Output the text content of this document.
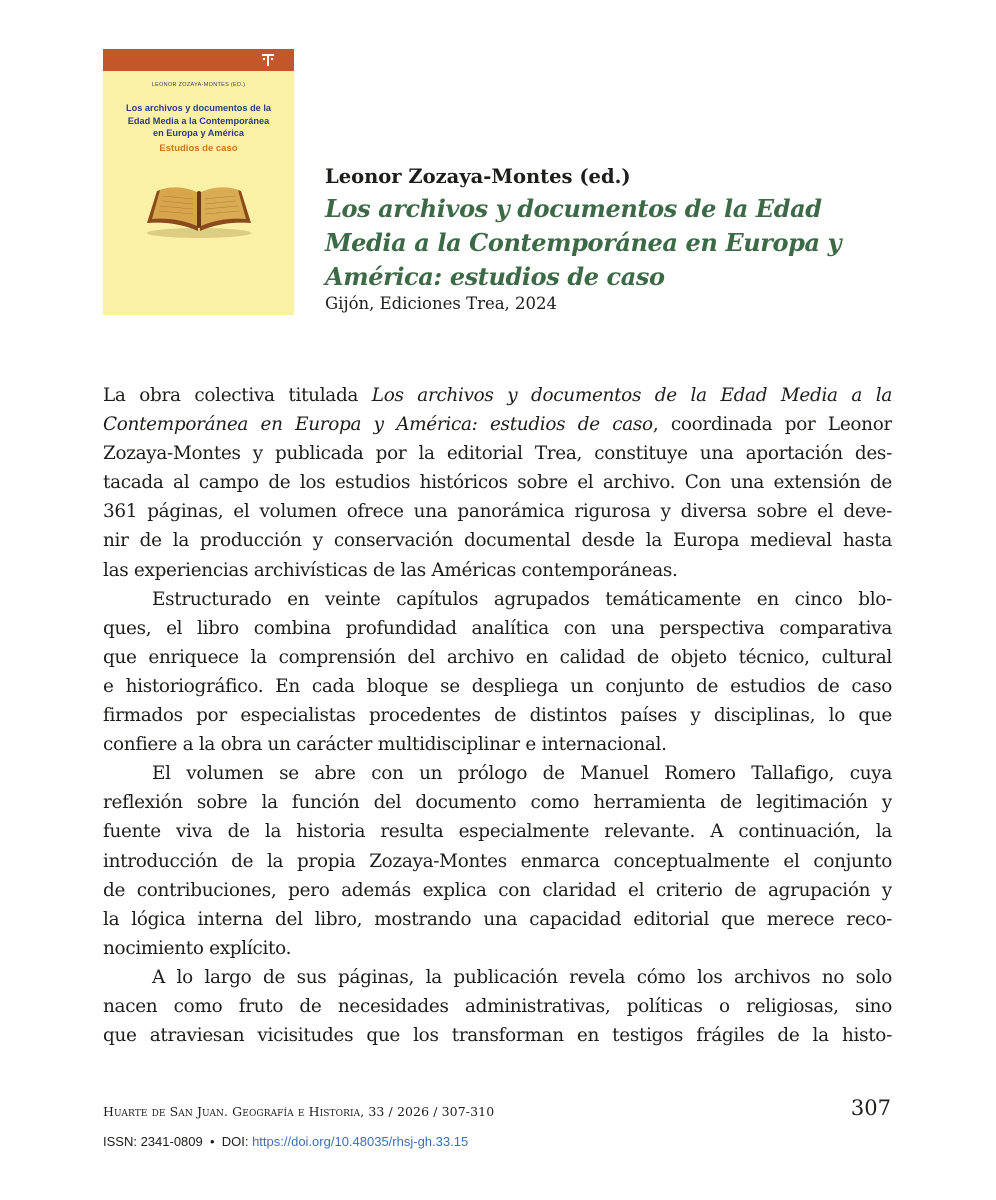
LEONOR ZOZAYA-MONTES (ED.)
Los archivos y documentos de la
Edad Media a la Contemporánea
en Europa y América
Estudios de caso
Leonor Zozaya-Montes (ed.)
Los archivos y documentos de la Edad
Media a la Contemporánea en Europa y
América: estudios de caso
Gijón, Ediciones Trea, 2024
La obra colectiva titulada Los archivos y documentos de la Edad Media a la
Contemporánea en Europa y América: estudios de caso, coordinada por Leonor
Zozaya-Montes y publicada por la editorial Trea, constituye una aportación des-
tacada al campo de los estudios históricos sobre el archivo. Con una extensión de
361 páginas, el volumen ofrece una panorámica rigurosa y diversa sobre el deve-
nir de la producción y conservación documental desde la Europa medieval hasta
las experiencias archivísticas de las Américas contemporáneas.
Estructurado en veinte capítulos agrupados temáticamente en cinco blo-
ques, el libro combina profundidad analítica con una perspectiva comparativa
que enriquece la comprensión del archivo en calidad de objeto técnico, cultural
e historiográfico. En cada bloque se despliega un conjunto de estudios de caso
firmados por especialistas procedentes de distintos países y disciplinas, lo que
confiere a la obra un carácter multidisciplinar e internacional.
El volumen se abre con un prólogo de Manuel Romero Tallafigo, cuya
reflexión sobre la función del documento como herramienta de legitimación y
fuente viva de la historia resulta especialmente relevante. A continuación, la
introducción de la propia Zozaya-Montes enmarca conceptualmente el conjunto
de contribuciones, pero además explica con claridad el criterio de agrupación y
la lógica interna del libro, mostrando una capacidad editorial que merece reco-
nocimiento explícito.
A lo largo de sus páginas, la publicación revela cómo los archivos no solo
nacen como fruto de necesidades administrativas, políticas o religiosas, sino
que atraviesan vicisitudes que los transforman en testigos frágiles de la histo-
Huarte de San Juan. Geografía e Historia, 33 / 2026 / 307-310	307
ISSN: 2341-0809  •  DOI: https://doi.org/10.48035/rhsj-gh.33.15
